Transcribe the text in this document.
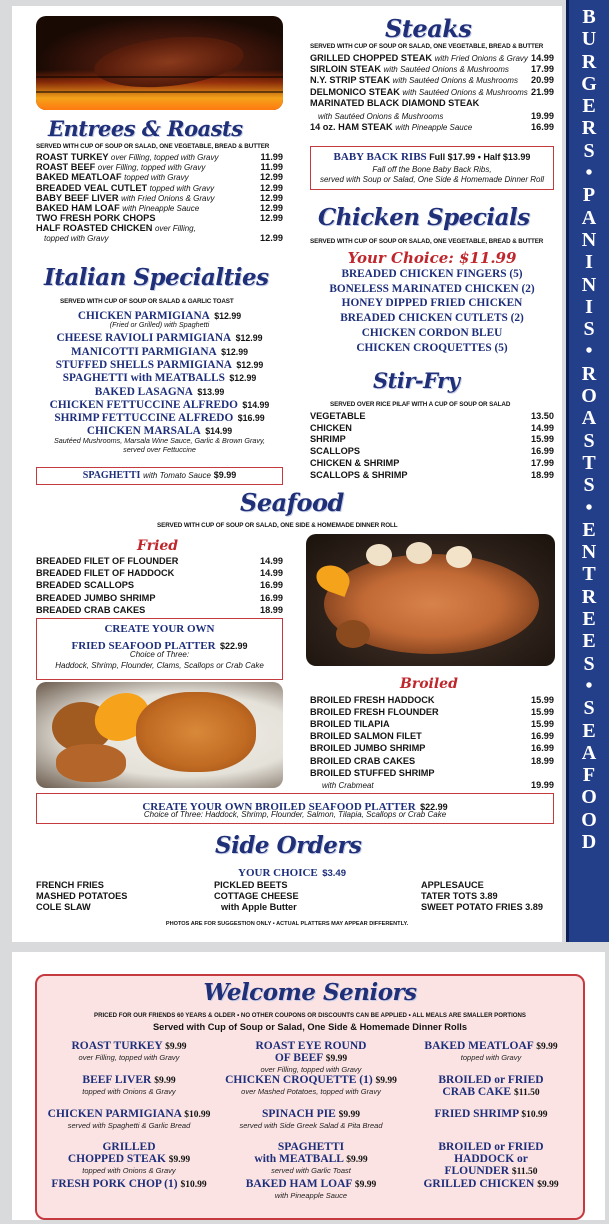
Entrees & Roasts
SERVED WITH CUP OF SOUP OR SALAD, ONE VEGETABLE, BREAD & BUTTER
ROAST TURKEY over Filling, topped with Gravy	11.99
ROAST BEEF over Filling, topped with Gravy	11.99
BAKED MEATLOAF topped with Gravy	12.99
BREADED VEAL CUTLET topped with Gravy	12.99
BABY BEEF LIVER with Fried Onions & Gravy	12.99
BAKED HAM LOAF with Pineapple Sauce	12.99
TWO FRESH PORK CHOPS	12.99
HALF ROASTED CHICKEN over Filling,
topped with Gravy	12.99
Italian Specialties
SERVED WITH CUP OF SOUP OR SALAD & GARLIC TOAST
CHICKEN PARMIGIANA $12.99
(Fried or Grilled) with Spaghetti
CHEESE RAVIOLI PARMIGIANA $12.99
MANICOTTI PARMIGIANA $12.99
STUFFED SHELLS PARMIGIANA $12.99
SPAGHETTI with MEATBALLS $12.99
BAKED LASAGNA $13.99
CHICKEN FETTUCCINE ALFREDO $14.99
SHRIMP FETTUCCINE ALFREDO $16.99
CHICKEN MARSALA $14.99
Sautéed Mushrooms, Marsala Wine Sauce, Garlic & Brown Gravy,
served over Fettuccine
SPAGHETTI with Tomato Sauce $9.99
Steaks
SERVED WITH CUP OF SOUP OR SALAD, ONE VEGETABLE, BREAD & BUTTER
GRILLED CHOPPED STEAK with Fried Onions & Gravy 14.99
SIRLOIN STEAK with Sautéed Onions & Mushrooms	17.99
N.Y. STRIP STEAK with Sautéed Onions & Mushrooms	20.99
DELMONICO STEAK with Sautéed Onions & Mushrooms 21.99
MARINATED BLACK DIAMOND STEAK
with Sautéed Onions & Mushrooms	19.99
14 oz. HAM STEAK with Pineapple Sauce	16.99
BABY BACK RIBS Full $17.99 • Half $13.99
Fall off the Bone Baby Back Ribs,
served with Soup or Salad, One Side & Homemade Dinner Roll
Chicken Specials
SERVED WITH CUP OF SOUP OR SALAD, ONE VEGETABLE, BREAD & BUTTER
Your Choice: $11.99
BREADED CHICKEN FINGERS (5)
BONELESS MARINATED CHICKEN (2)
HONEY DIPPED FRIED CHICKEN
BREADED CHICKEN CUTLETS (2)
CHICKEN CORDON BLEU
CHICKEN CROQUETTES (5)
Stir-Fry
SERVED OVER RICE PILAF WITH A CUP OF SOUP OR SALAD
VEGETABLE	13.50
CHICKEN	14.99
SHRIMP	15.99
SCALLOPS	16.99
CHICKEN & SHRIMP	17.99
SCALLOPS & SHRIMP	18.99
Seafood
SERVED WITH CUP OF SOUP OR SALAD, ONE SIDE & HOMEMADE DINNER ROLL
Fried
BREADED FILET OF FLOUNDER	14.99
BREADED FILET OF HADDOCK	14.99
BREADED SCALLOPS	16.99
BREADED JUMBO SHRIMP	16.99
BREADED CRAB CAKES	18.99
CREATE YOUR OWN
FRIED SEAFOOD PLATTER $22.99
Choice of Three:
Haddock, Shrimp, Flounder, Clams, Scallops or Crab Cake
Broiled
BROILED FRESH HADDOCK	15.99
BROILED FRESH FLOUNDER	15.99
BROILED TILAPIA	15.99
BROILED SALMON FILET	16.99
BROILED JUMBO SHRIMP	16.99
BROILED CRAB CAKES	18.99
BROILED STUFFED SHRIMP
with Crabmeat	19.99
CREATE YOUR OWN BROILED SEAFOOD PLATTER $22.99
Choice of Three: Haddock, Shrimp, Flounder, Salmon, Tilapia, Scallops or Crab Cake
Side Orders
YOUR CHOICE $3.49
FRENCH FRIES
MASHED POTATOES
COLE SLAW
PICKLED BEETS
COTTAGE CHEESE
with Apple Butter
APPLESAUCE
TATER TOTS 3.89
SWEET POTATO FRIES 3.89
PHOTOS ARE FOR SUGGESTION ONLY • ACTUAL PLATTERS MAY APPEAR DIFFERENTLY.
B
U
R
G
E
R
S
•
P
A
N
I
N
I
S
•
R
O
A
S
T
S
•
E
N
T
R
E
E
S
•
S
E
A
F
O
O
D
Welcome Seniors
PRICED FOR OUR FRIENDS 60 YEARS & OLDER • NO OTHER COUPONS OR DISCOUNTS CAN BE APPLIED • ALL MEALS ARE SMALLER PORTIONS
Served with Cup of Soup or Salad, One Side & Homemade Dinner Rolls
ROAST TURKEY $9.99
over Filling, topped with Gravy
ROAST EYE ROUND
OF BEEF $9.99
over Filling, topped with Gravy
BAKED MEATLOAF $9.99
topped with Gravy
BEEF LIVER $9.99
topped with Onions & Gravy
CHICKEN CROQUETTE (1) $9.99
over Mashed Potatoes, topped with Gravy
BROILED or FRIED
CRAB CAKE $11.50
CHICKEN PARMIGIANA $10.99
served with Spaghetti & Garlic Bread
SPINACH PIE $9.99
served with Side Greek Salad & Pita Bread
FRIED SHRIMP $10.99
GRILLED
CHOPPED STEAK $9.99
topped with Onions & Gravy
SPAGHETTI
with MEATBALL $9.99
served with Garlic Toast
BROILED or FRIED
HADDOCK or
FLOUNDER $11.50
FRESH PORK CHOP (1) $10.99	BAKED HAM LOAF $9.99
with Pineapple Sauce
GRILLED CHICKEN $9.99
